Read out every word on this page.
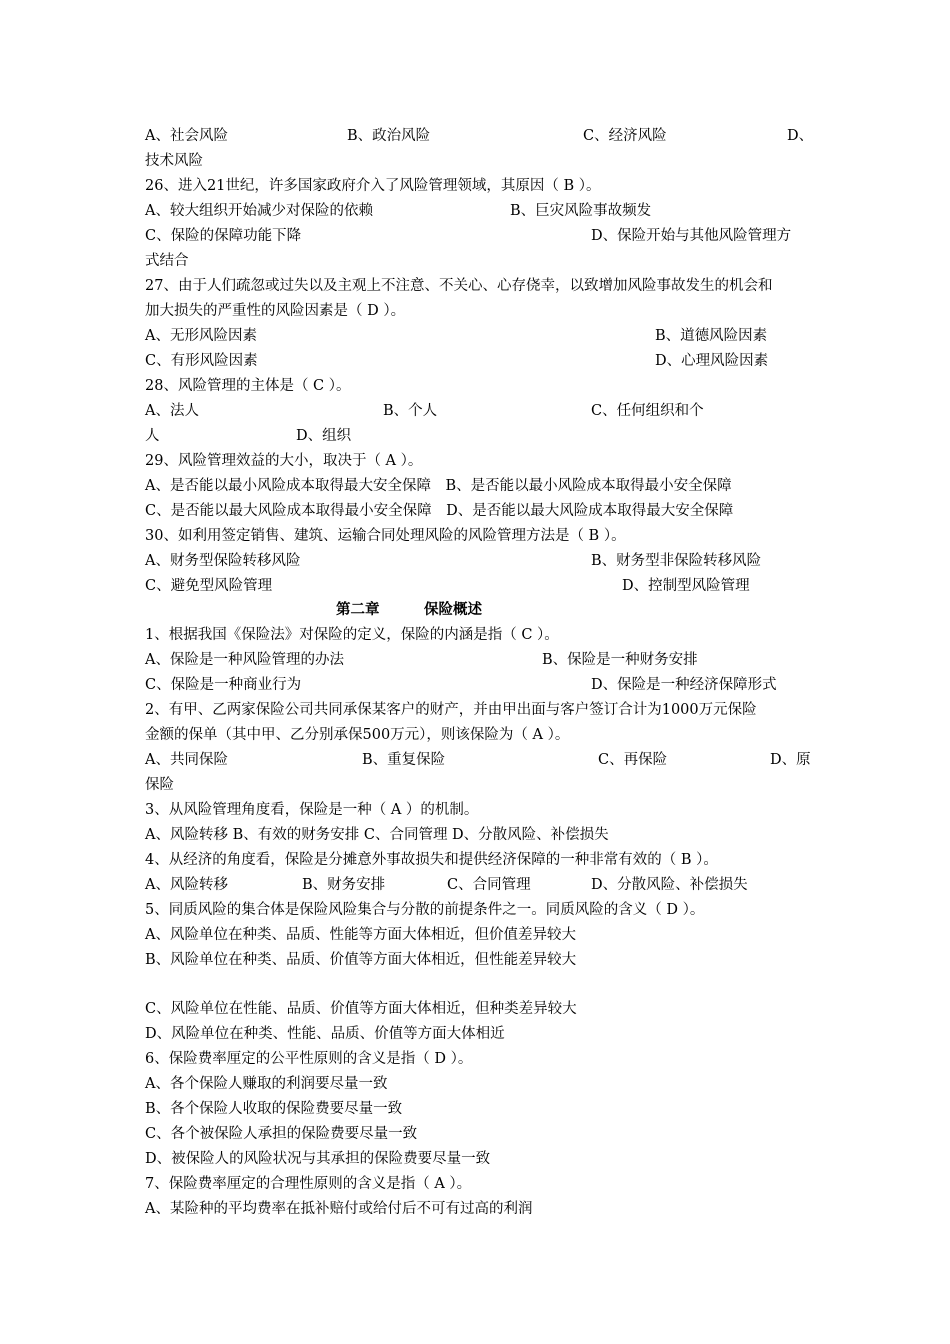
A、社会风险	B、政治风险	C、经济风险	D、
技术风险
26、进入21世纪，许多国家政府介入了风险管理领域，其原因（ B ）。
A、较大组织开始减少对保险的依赖	B、巨灾风险事故频发
C、保险的保障功能下降	D、保险开始与其他风险管理方
式结合
27、由于人们疏忽或过失以及主观上不注意、不关心、心存侥幸，以致增加风险事故发生的机会和
加大损失的严重性的风险因素是（ D ）。
A、无形风险因素	B、道德风险因素
C、有形风险因素	D、心理风险因素
28、风险管理的主体是（ C ）。
A、法人	B、个人	C、任何组织和个
人	D、组织
29、风险管理效益的大小，取决于（ A ）。
A、是否能以最小风险成本取得最大安全保障　B、是否能以最小风险成本取得最小安全保障
C、是否能以最大风险成本取得最小安全保障　D、是否能以最大风险成本取得最大安全保障
30、如利用签定销售、建筑、运输合同处理风险的风险管理方法是（ B ）。
A、财务型保险转移风险	B、财务型非保险转移风险
C、避免型风险管理	D、控制型风险管理
第二章	保险概述
1、根据我国《保险法》对保险的定义，保险的内涵是指（ C ）。
A、保险是一种风险管理的办法	B、保险是一种财务安排
C、保险是一种商业行为	D、保险是一种经济保障形式
2、有甲、乙两家保险公司共同承保某客户的财产，并由甲出面与客户签订合计为1000万元保险
金额的保单（其中甲、乙分别承保500万元），则该保险为（ A ）。
A、共同保险	B、重复保险	C、再保险	D、原
保险
3、从风险管理角度看，保险是一种（ A ）的机制。
A、风险转移 B、有效的财务安排 C、合同管理 D、分散风险、补偿损失
4、从经济的角度看，保险是分摊意外事故损失和提供经济保障的一种非常有效的（ B ）。
A、风险转移	B、财务安排	C、合同管理	D、分散风险、补偿损失
5、同质风险的集合体是保险风险集合与分散的前提条件之一。同质风险的含义（ D ）。
A、风险单位在种类、品质、性能等方面大体相近，但价值差异较大
B、风险单位在种类、品质、价值等方面大体相近，但性能差异较大
C、风险单位在性能、品质、价值等方面大体相近，但种类差异较大
D、风险单位在种类、性能、品质、价值等方面大体相近
6、保险费率厘定的公平性原则的含义是指（ D ）。
A、各个保险人赚取的利润要尽量一致
B、各个保险人收取的保险费要尽量一致
C、各个被保险人承担的保险费要尽量一致
D、被保险人的风险状况与其承担的保险费要尽量一致
7、保险费率厘定的合理性原则的含义是指（ A ）。
A、某险种的平均费率在抵补赔付或给付后不可有过高的利润
